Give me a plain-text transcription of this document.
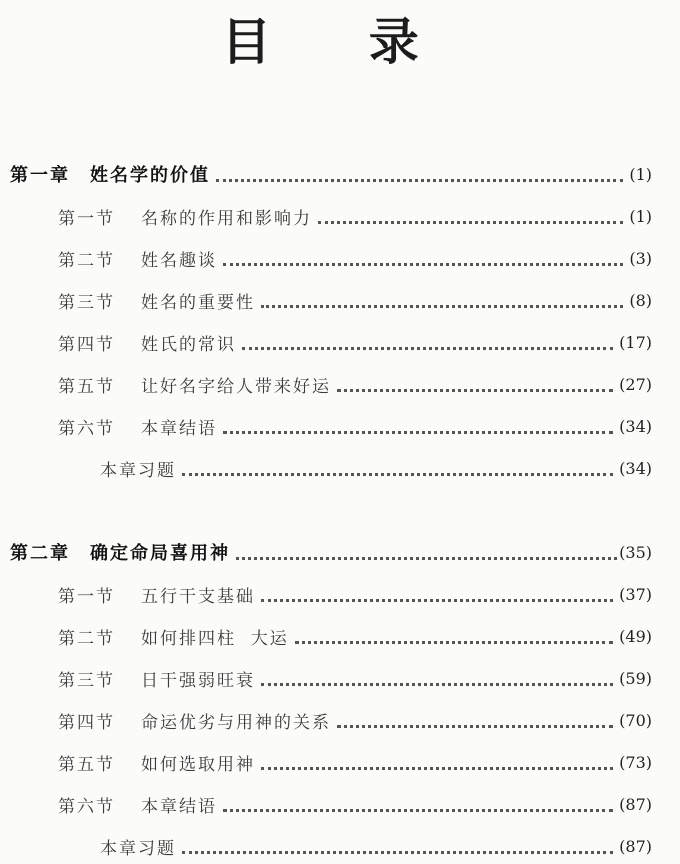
目 录
第一章 姓名学的价值	(1)
第一节 名称的作用和影响力	(1)
第二节 姓名趣谈	(3)
第三节 姓名的重要性	(8)
第四节 姓氏的常识	(17)
第五节 让好名字给人带来好运	(27)
第六节 本章结语	(34)
本章习题	(34)
第二章 确定命局喜用神	(35)
第一节 五行干支基础	(37)
第二节 如何排四柱  大运	(49)
第三节 日干强弱旺衰	(59)
第四节 命运优劣与用神的关系	(70)
第五节 如何选取用神	(73)
第六节 本章结语	(87)
本章习题	(87)
